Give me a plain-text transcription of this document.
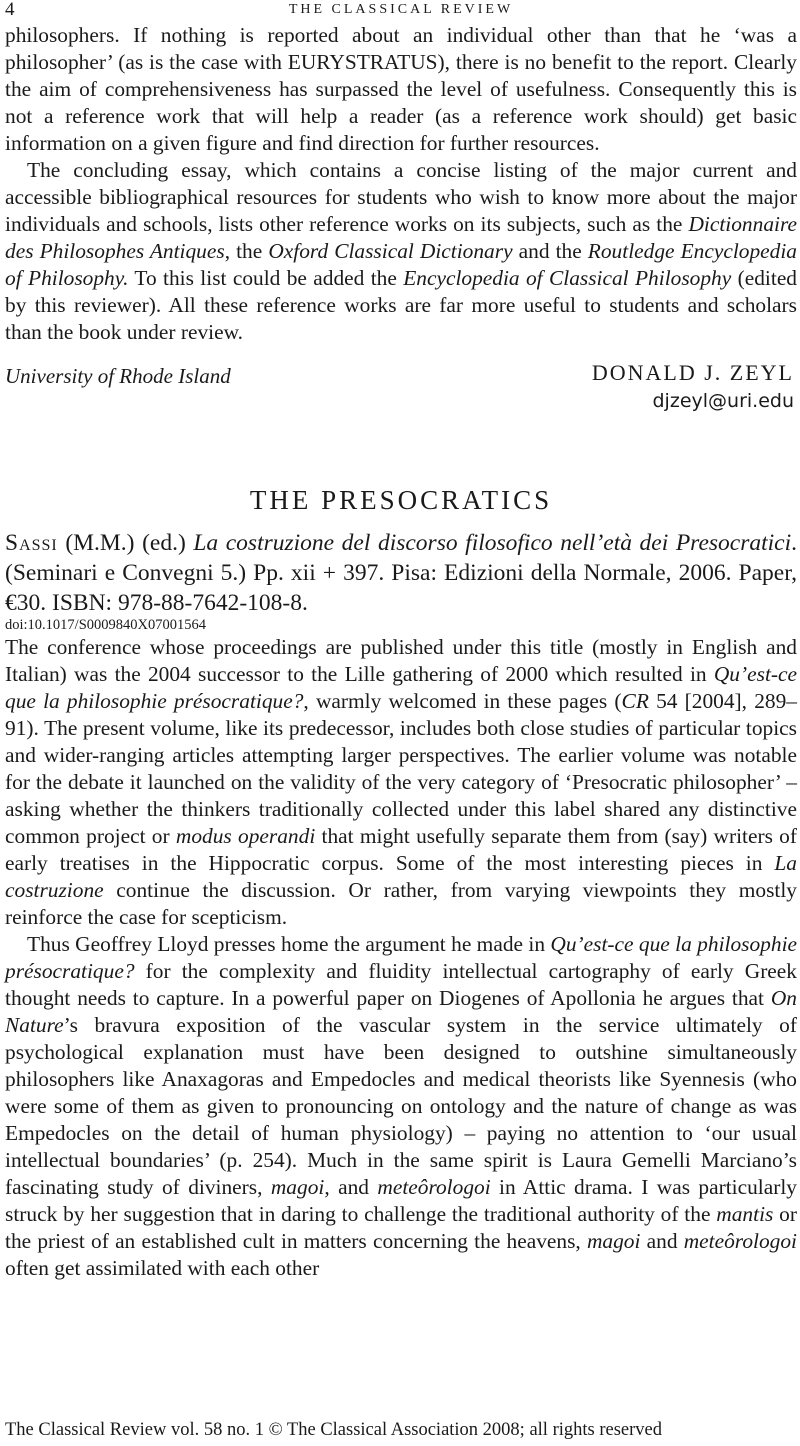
4	THE CLASSICAL REVIEW

philosophers. If nothing is reported about an individual other than that he ‘was a philosopher’ (as is the case with EURYSTRATUS), there is no benefit to the report. Clearly the aim of comprehensiveness has surpassed the level of usefulness. Consequently this is not a reference work that will help a reader (as a reference work should) get basic information on a given figure and find direction for further resources.

The concluding essay, which contains a concise listing of the major current and accessible bibliographical resources for students who wish to know more about the major individuals and schools, lists other reference works on its subjects, such as the Dictionnaire des Philosophes Antiques, the Oxford Classical Dictionary and the Routledge Encyclopedia of Philosophy. To this list could be added the Encyclopedia of Classical Philosophy (edited by this reviewer). All these reference works are far more useful to students and scholars than the book under review.

University of Rhode Island	DONALD J. ZEYL
djzeyl@uri.edu
THE PRESOCRATICS
Sassi (M.M.) (ed.) La costruzione del discorso filosofico nell’età dei Presocratici. (Seminari e Convegni 5.) Pp. xii + 397. Pisa: Edizioni della Normale, 2006. Paper, €30. ISBN: 978-88-7642-108-8.
doi:10.1017/S0009840X07001564

The conference whose proceedings are published under this title (mostly in English and Italian) was the 2004 successor to the Lille gathering of 2000 which resulted in Qu’est-ce que la philosophie présocratique?, warmly welcomed in these pages (CR 54 [2004], 289–91). The present volume, like its predecessor, includes both close studies of particular topics and wider-ranging articles attempting larger perspectives. The earlier volume was notable for the debate it launched on the validity of the very category of ‘Presocratic philosopher’ – asking whether the thinkers traditionally collected under this label shared any distinctive common project or modus operandi that might usefully separate them from (say) writers of early treatises in the Hippocratic corpus. Some of the most interesting pieces in La costruzione continue the discussion. Or rather, from varying viewpoints they mostly reinforce the case for scepticism.

Thus Geoffrey Lloyd presses home the argument he made in Qu’est-ce que la philosophie présocratique? for the complexity and fluidity intellectual cartography of early Greek thought needs to capture. In a powerful paper on Diogenes of Apollonia he argues that On Nature’s bravura exposition of the vascular system in the service ultimately of psychological explanation must have been designed to outshine simultaneously philosophers like Anaxagoras and Empedocles and medical theorists like Syennesis (who were some of them as given to pronouncing on ontology and the nature of change as was Empedocles on the detail of human physiology) – paying no attention to ‘our usual intellectual boundaries’ (p. 254). Much in the same spirit is Laura Gemelli Marciano’s fascinating study of diviners, magoi, and meteôrologoi in Attic drama. I was particularly struck by her suggestion that in daring to challenge the traditional authority of the mantis or the priest of an established cult in matters concerning the heavens, magoi and meteôrologoi often get assimilated with each other

The Classical Review vol. 58 no. 1 © The Classical Association 2008; all rights reserved
